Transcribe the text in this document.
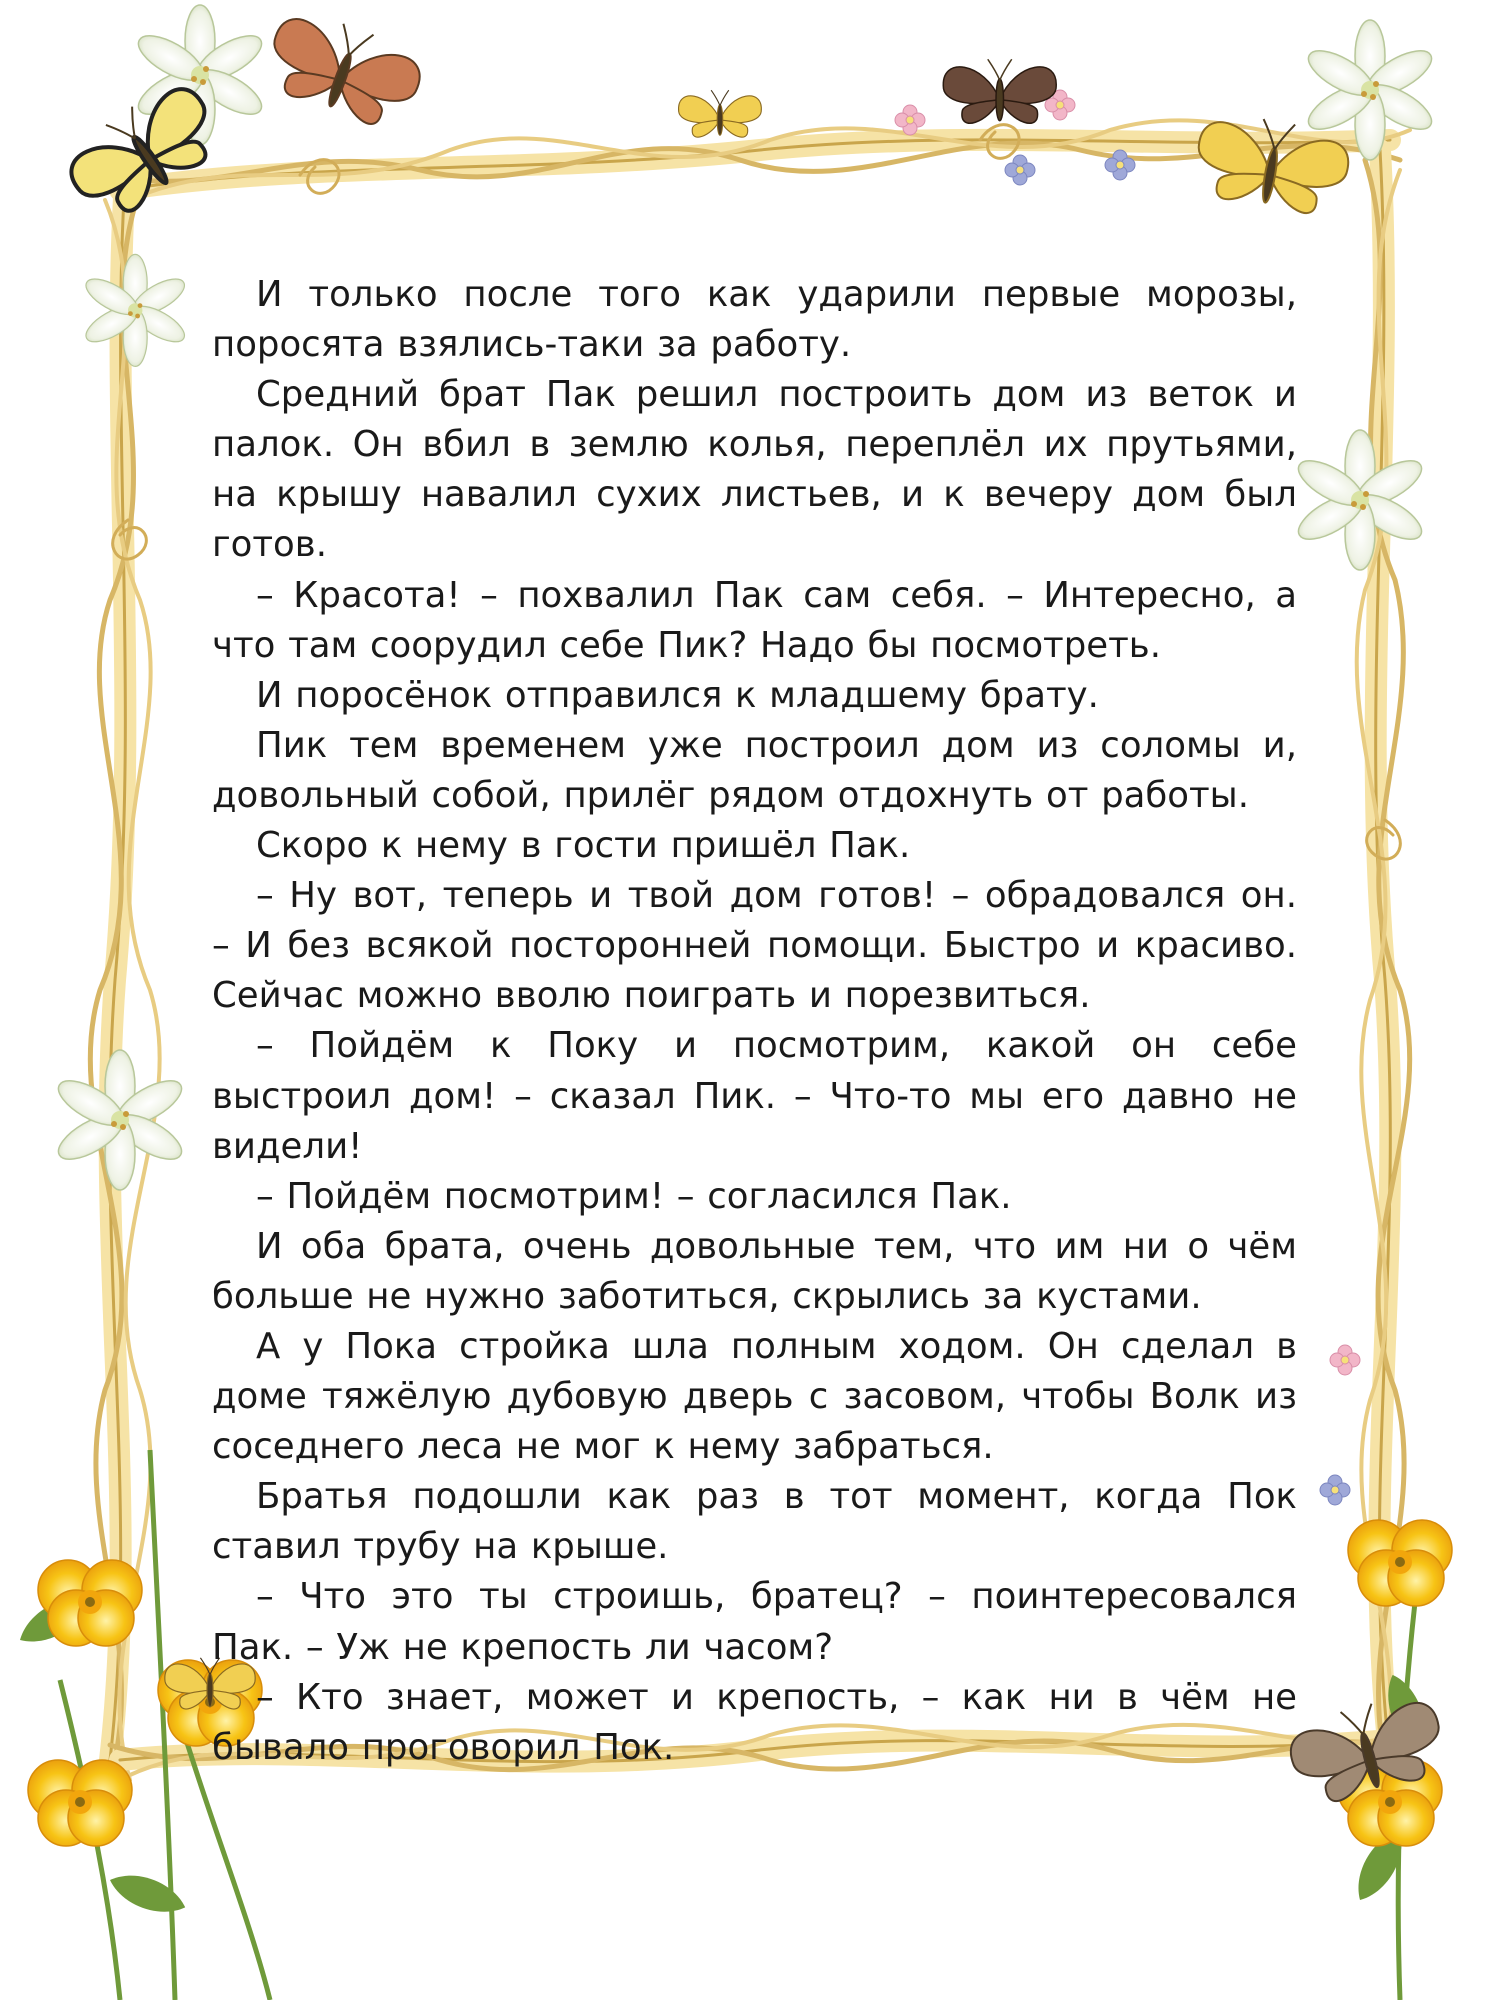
И только после того как ударили первые морозы, поросята взялись-таки за работу.

Средний брат Пак решил построить дом из веток и палок. Он вбил в землю колья, переплёл их прутьями, на крышу навалил сухих листьев, и к вечеру дом был готов.

– Красота! – похвалил Пак сам себя. – Интересно, а что там соорудил себе Пик? Надо бы посмотреть.

И поросёнок отправился к младшему брату.

Пик тем временем уже построил дом из соломы и, довольный собой, прилёг рядом отдохнуть от работы.

Скоро к нему в гости пришёл Пак.

– Ну вот, теперь и твой дом готов! – обрадовался он. – И без всякой посторонней помощи. Быстро и красиво. Сейчас можно вволю поиграть и порезвиться.

– Пойдём к Поку и посмотрим, какой он себе выстроил дом! – сказал Пик. – Что-то мы его давно не видели!

– Пойдём посмотрим! – согласился Пак.

И оба брата, очень довольные тем, что им ни о чём больше не нужно заботиться, скрылись за кустами.

А у Пока стройка шла полным ходом. Он сделал в доме тяжёлую дубовую дверь с засовом, чтобы Волк из соседнего леса не мог к нему забраться.

Братья подошли как раз в тот момент, когда Пок ставил трубу на крыше.

– Что это ты строишь, братец? – поинтересовался Пак. – Уж не крепость ли часом?

– Кто знает, может и крепость, – как ни в чём не бывало проговорил Пок.
